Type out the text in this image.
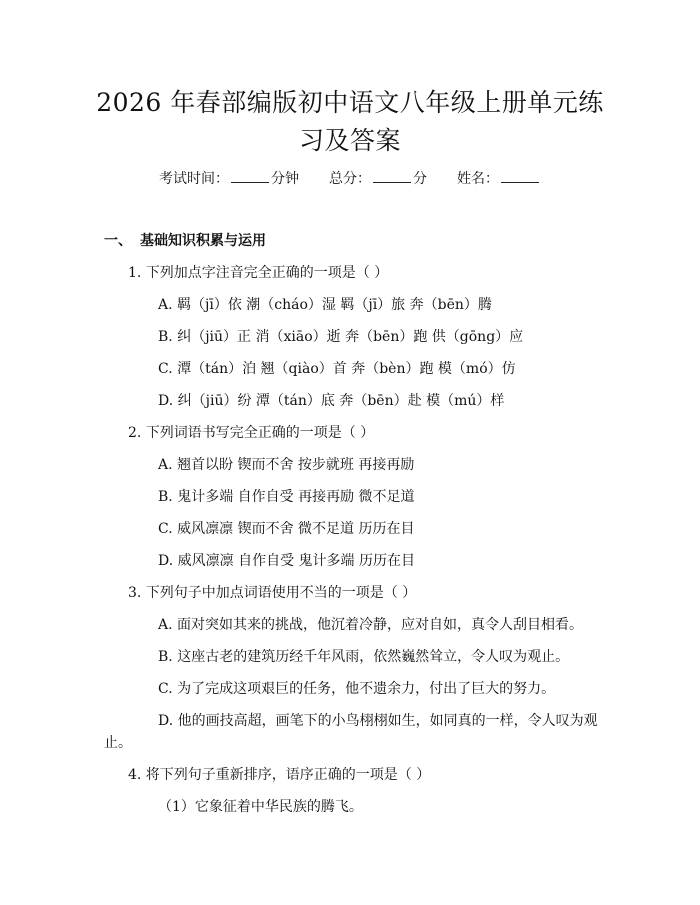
2026 年春部编版初中语文八年级上册单元练
习及答案
考试时间：	分钟 总分：	分 姓名：
一、 基础知识积累与运用
1. 下列加点字注音完全正确的一项是（ ）
A. 羁（jī）依 潮（cháo）湿 羁（jī）旅 奔（bēn）腾
B. 纠（jiū）正 消（xiāo）逝 奔（bēn）跑 供（gōng）应
C. 潭（tán）泊 翘（qiào）首 奔（bèn）跑 模（mó）仿
D. 纠（jiū）纷 潭（tán）底 奔（bēn）赴 模（mú）样
2. 下列词语书写完全正确的一项是（ ）
A. 翘首以盼 锲而不舍 按步就班 再接再励
B. 鬼计多端 自作自受 再接再励 微不足道
C. 威风凛凛 锲而不舍 微不足道 历历在目
D. 威风凛凛 自作自受 鬼计多端 历历在目
3. 下列句子中加点词语使用不当的一项是（ ）
A. 面对突如其来的挑战，他沉着冷静，应对自如，真令人刮目相看。
B. 这座古老的建筑历经千年风雨，依然巍然耸立，令人叹为观止。
C. 为了完成这项艰巨的任务，他不遗余力，付出了巨大的努力。
D. 他的画技高超，画笔下的小鸟栩栩如生，如同真的一样，令人叹为观
止。
4. 将下列句子重新排序，语序正确的一项是（ ）
（1）它象征着中华民族的腾飞。
